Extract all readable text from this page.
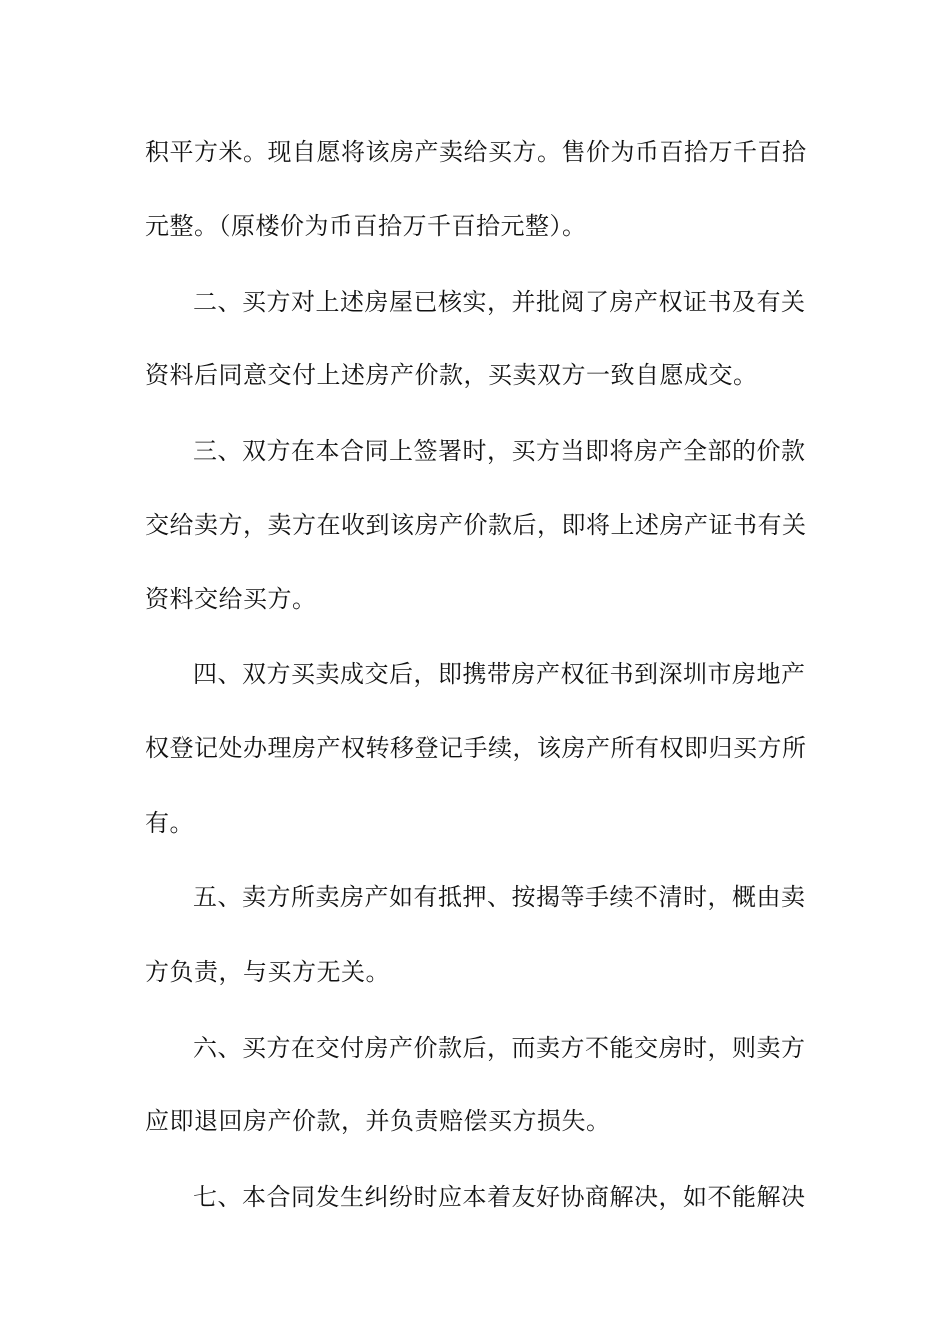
积平方米。现自愿将该房产卖给买方。售价为币百拾万千百拾
元整。（原楼价为币百拾万千百拾元整）。
二、买方对上述房屋已核实，并批阅了房产权证书及有关
资料后同意交付上述房产价款，买卖双方一致自愿成交。
三、双方在本合同上签署时，买方当即将房产全部的价款
交给卖方，卖方在收到该房产价款后，即将上述房产证书有关
资料交给买方。
四、双方买卖成交后，即携带房产权征书到深圳市房地产
权登记处办理房产权转移登记手续，该房产所有权即归买方所
有。
五、卖方所卖房产如有抵押、按揭等手续不清时，概由卖
方负责，与买方无关。
六、买方在交付房产价款后，而卖方不能交房时，则卖方
应即退回房产价款，并负责赔偿买方损失。
七、本合同发生纠纷时应本着友好协商解决，如不能解决
